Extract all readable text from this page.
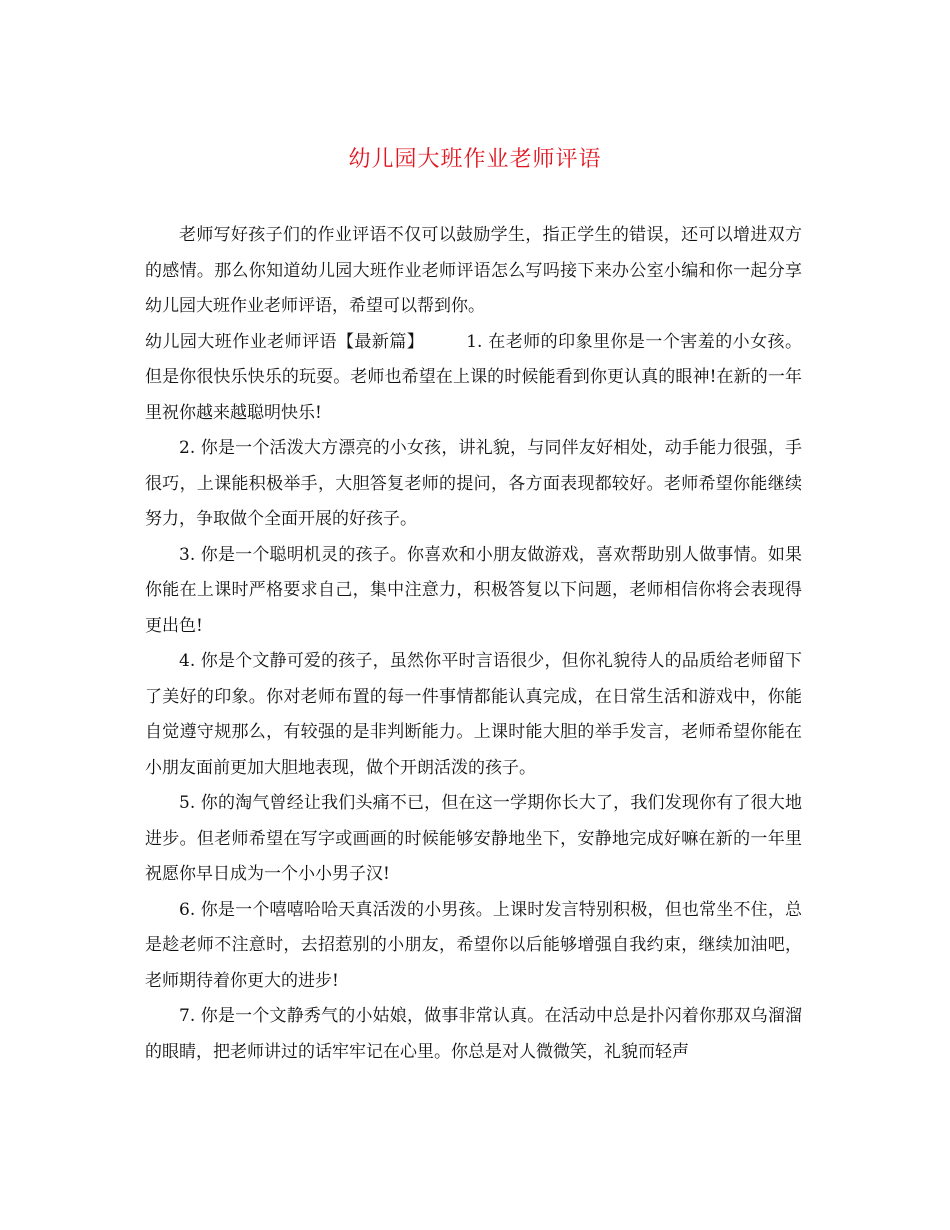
幼儿园大班作业老师评语

老师写好孩子们的作业评语不仅可以鼓励学生，指正学生的错误，还可以增进双方的感情。那么你知道幼儿园大班作业老师评语怎么写吗接下来办公室小编和你一起分享幼儿园大班作业老师评语，希望可以帮到你。

幼儿园大班作业老师评语【最新篇】 1. 在老师的印象里你是一个害羞的小女孩。但是你很快乐快乐的玩耍。老师也希望在上课的时候能看到你更认真的眼神!在新的一年里祝你越来越聪明快乐!

2. 你是一个活泼大方漂亮的小女孩，讲礼貌，与同伴友好相处，动手能力很强，手很巧，上课能积极举手，大胆答复老师的提问，各方面表现都较好。老师希望你能继续努力，争取做个全面开展的好孩子。

3. 你是一个聪明机灵的孩子。你喜欢和小朋友做游戏，喜欢帮助别人做事情。如果你能在上课时严格要求自己，集中注意力，积极答复以下问题，老师相信你将会表现得更出色!

4. 你是个文静可爱的孩子，虽然你平时言语很少，但你礼貌待人的品质给老师留下了美好的印象。你对老师布置的每一件事情都能认真完成，在日常生活和游戏中，你能自觉遵守规那么，有较强的是非判断能力。上课时能大胆的举手发言，老师希望你能在小朋友面前更加大胆地表现，做个开朗活泼的孩子。

5. 你的淘气曾经让我们头痛不已，但在这一学期你长大了，我们发现你有了很大地进步。但老师希望在写字或画画的时候能够安静地坐下，安静地完成好嘛在新的一年里祝愿你早日成为一个小小男子汉!

6. 你是一个嘻嘻哈哈天真活泼的小男孩。上课时发言特别积极，但也常坐不住，总是趁老师不注意时，去招惹别的小朋友，希望你以后能够增强自我约束，继续加油吧，老师期待着你更大的进步!

7. 你是一个文静秀气的小姑娘，做事非常认真。在活动中总是扑闪着你那双乌溜溜的眼睛，把老师讲过的话牢牢记在心里。你总是对人微微笑，礼貌而轻声
